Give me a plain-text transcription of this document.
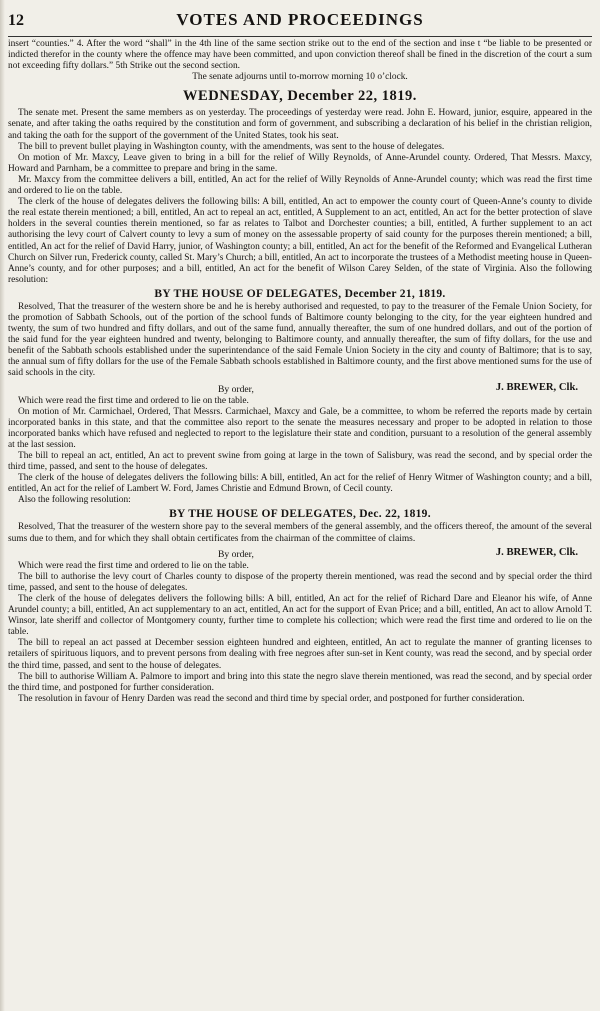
12	VOTES AND PROCEEDINGS

insert “counties.” 4. After the word “shall” in the 4th line of the same section strike out to the end of the section and inse t “be liable to be presented or indicted therefor in the county where the offence may have been committed, and upon conviction thereof shall be fined in the discretion of the court a sum not exceeding fifty dollars.” 5th Strike out the second section.

The senate adjourns until to-morrow morning 10 o’clock.

WEDNESDAY, December 22, 1819.

The senate met. Present the same members as on yesterday. The proceedings of yesterday were read. John E. Howard, junior, esquire, appeared in the senate, and after taking the oaths required by the constitution and form of government, and subscribing a declaration of his belief in the christian religion, and taking the oath for the support of the government of the United States, took his seat.

The bill to prevent bullet playing in Washington county, with the amendments, was sent to the house of delegates.

On motion of Mr. Maxcy, Leave given to bring in a bill for the relief of Willy Reynolds, of Anne-Arundel county. Ordered, That Messrs. Maxcy, Howard and Parnham, be a committee to prepare and bring in the same.

Mr. Maxcy from the committee delivers a bill, entitled, An act for the relief of Willy Reynolds of Anne-Arundel county; which was read the first time and ordered to lie on the table.

The clerk of the house of delegates delivers the following bills: A bill, entitled, An act to empower the county court of Queen-Anne’s county to divide the real estate therein mentioned; a bill, entitled, An act to repeal an act, entitled, A Supplement to an act, entitled, An act for the better protection of slave holders in the several counties therein mentioned, so far as relates to Talbot and Dorchester counties; a bill, entitled, A further supplement to an act authorising the levy court of Calvert county to levy a sum of money on the assessable property of said county for the purposes therein mentioned; a bill, entitled, An act for the relief of David Harry, junior, of Washington county; a bill, entitled, An act for the benefit of the Reformed and Evangelical Lutheran Church on Silver run, Frederick county, called St. Mary’s Church; a bill, entitled, An act to incorporate the trustees of a Methodist meeting house in Queen-Anne’s county, and for other purposes; and a bill, entitled, An act for the benefit of Wilson Carey Selden, of the state of Virginia. Also the following resolution:

BY THE HOUSE OF DELEGATES, December 21, 1819.

Resolved, That the treasurer of the western shore be and he is hereby authorised and requested, to pay to the treasurer of the Female Union Society, for the promotion of Sabbath Schools, out of the portion of the school funds of Baltimore county belonging to the city, for the year eighteen hundred and twenty, the sum of two hundred and fifty dollars, and out of the same fund, annually thereafter, the sum of one hundred dollars, and out of the portion of the said fund for the year eighteen hundred and twenty, belonging to Baltimore county, and annually thereafter, the sum of fifty dollars, for the use and benefit of the Sabbath schools established under the superintendance of the said Female Union Society in the city and county of Baltimore; that is to say, the annual sum of fifty dollars for the use of the Female Sabbath schools established in Baltimore county, and the first above mentioned sums for the use of said schools in the city.

By order,	J. BREWER, Clk.

Which were read the first time and ordered to lie on the table.

On motion of Mr. Carmichael, Ordered, That Messrs. Carmichael, Maxcy and Gale, be a committee, to whom be referred the reports made by certain incorporated banks in this state, and that the committee also report to the senate the measures necessary and proper to be adopted in relation to those incorporated banks which have refused and neglected to report to the legislature their state and condition, pursuant to a resolution of the general assembly at the last session.

The bill to repeal an act, entitled, An act to prevent swine from going at large in the town of Salisbury, was read the second, and by special order the third time, passed, and sent to the house of delegates.

The clerk of the house of delegates delivers the following bills: A bill, entitled, An act for the relief of Henry Witmer of Washington county; and a bill, entitled, An act for the relief of Lambert W. Ford, James Christie and Edmund Brown, of Cecil county.

Also the following resolution:

BY THE HOUSE OF DELEGATES, Dec. 22, 1819.

Resolved, That the treasurer of the western shore pay to the several members of the general assembly, and the officers thereof, the amount of the several sums due to them, and for which they shall obtain certificates from the chairman of the committee of claims.

By order,	J. BREWER, Clk.

Which were read the first time and ordered to lie on the table.

The bill to authorise the levy court of Charles county to dispose of the property therein mentioned, was read the second and by special order the third time, passed, and sent to the house of delegates.

The clerk of the house of delegates delivers the following bills: A bill, entitled, An act for the relief of Richard Dare and Eleanor his wife, of Anne Arundel county; a bill, entitled, An act supplementary to an act, entitled, An act for the support of Evan Price; and a bill, entitled, An act to allow Arnold T. Winsor, late sheriff and collector of Montgomery county, further time to complete his collection; which were read the first time and ordered to lie on the table.

The bill to repeal an act passed at December session eighteen hundred and eighteen, entitled, An act to regulate the manner of granting licenses to retailers of spirituous liquors, and to prevent persons from dealing with free negroes after sun-set in Kent county, was read the second, and by special order the third time, passed, and sent to the house of delegates.

The bill to authorise William A. Palmore to import and bring into this state the negro slave therein mentioned, was read the second, and by special order the third time, and postponed for further consideration.

The resolution in favour of Henry Darden was read the second and third time by special order, and postponed for further consideration.
